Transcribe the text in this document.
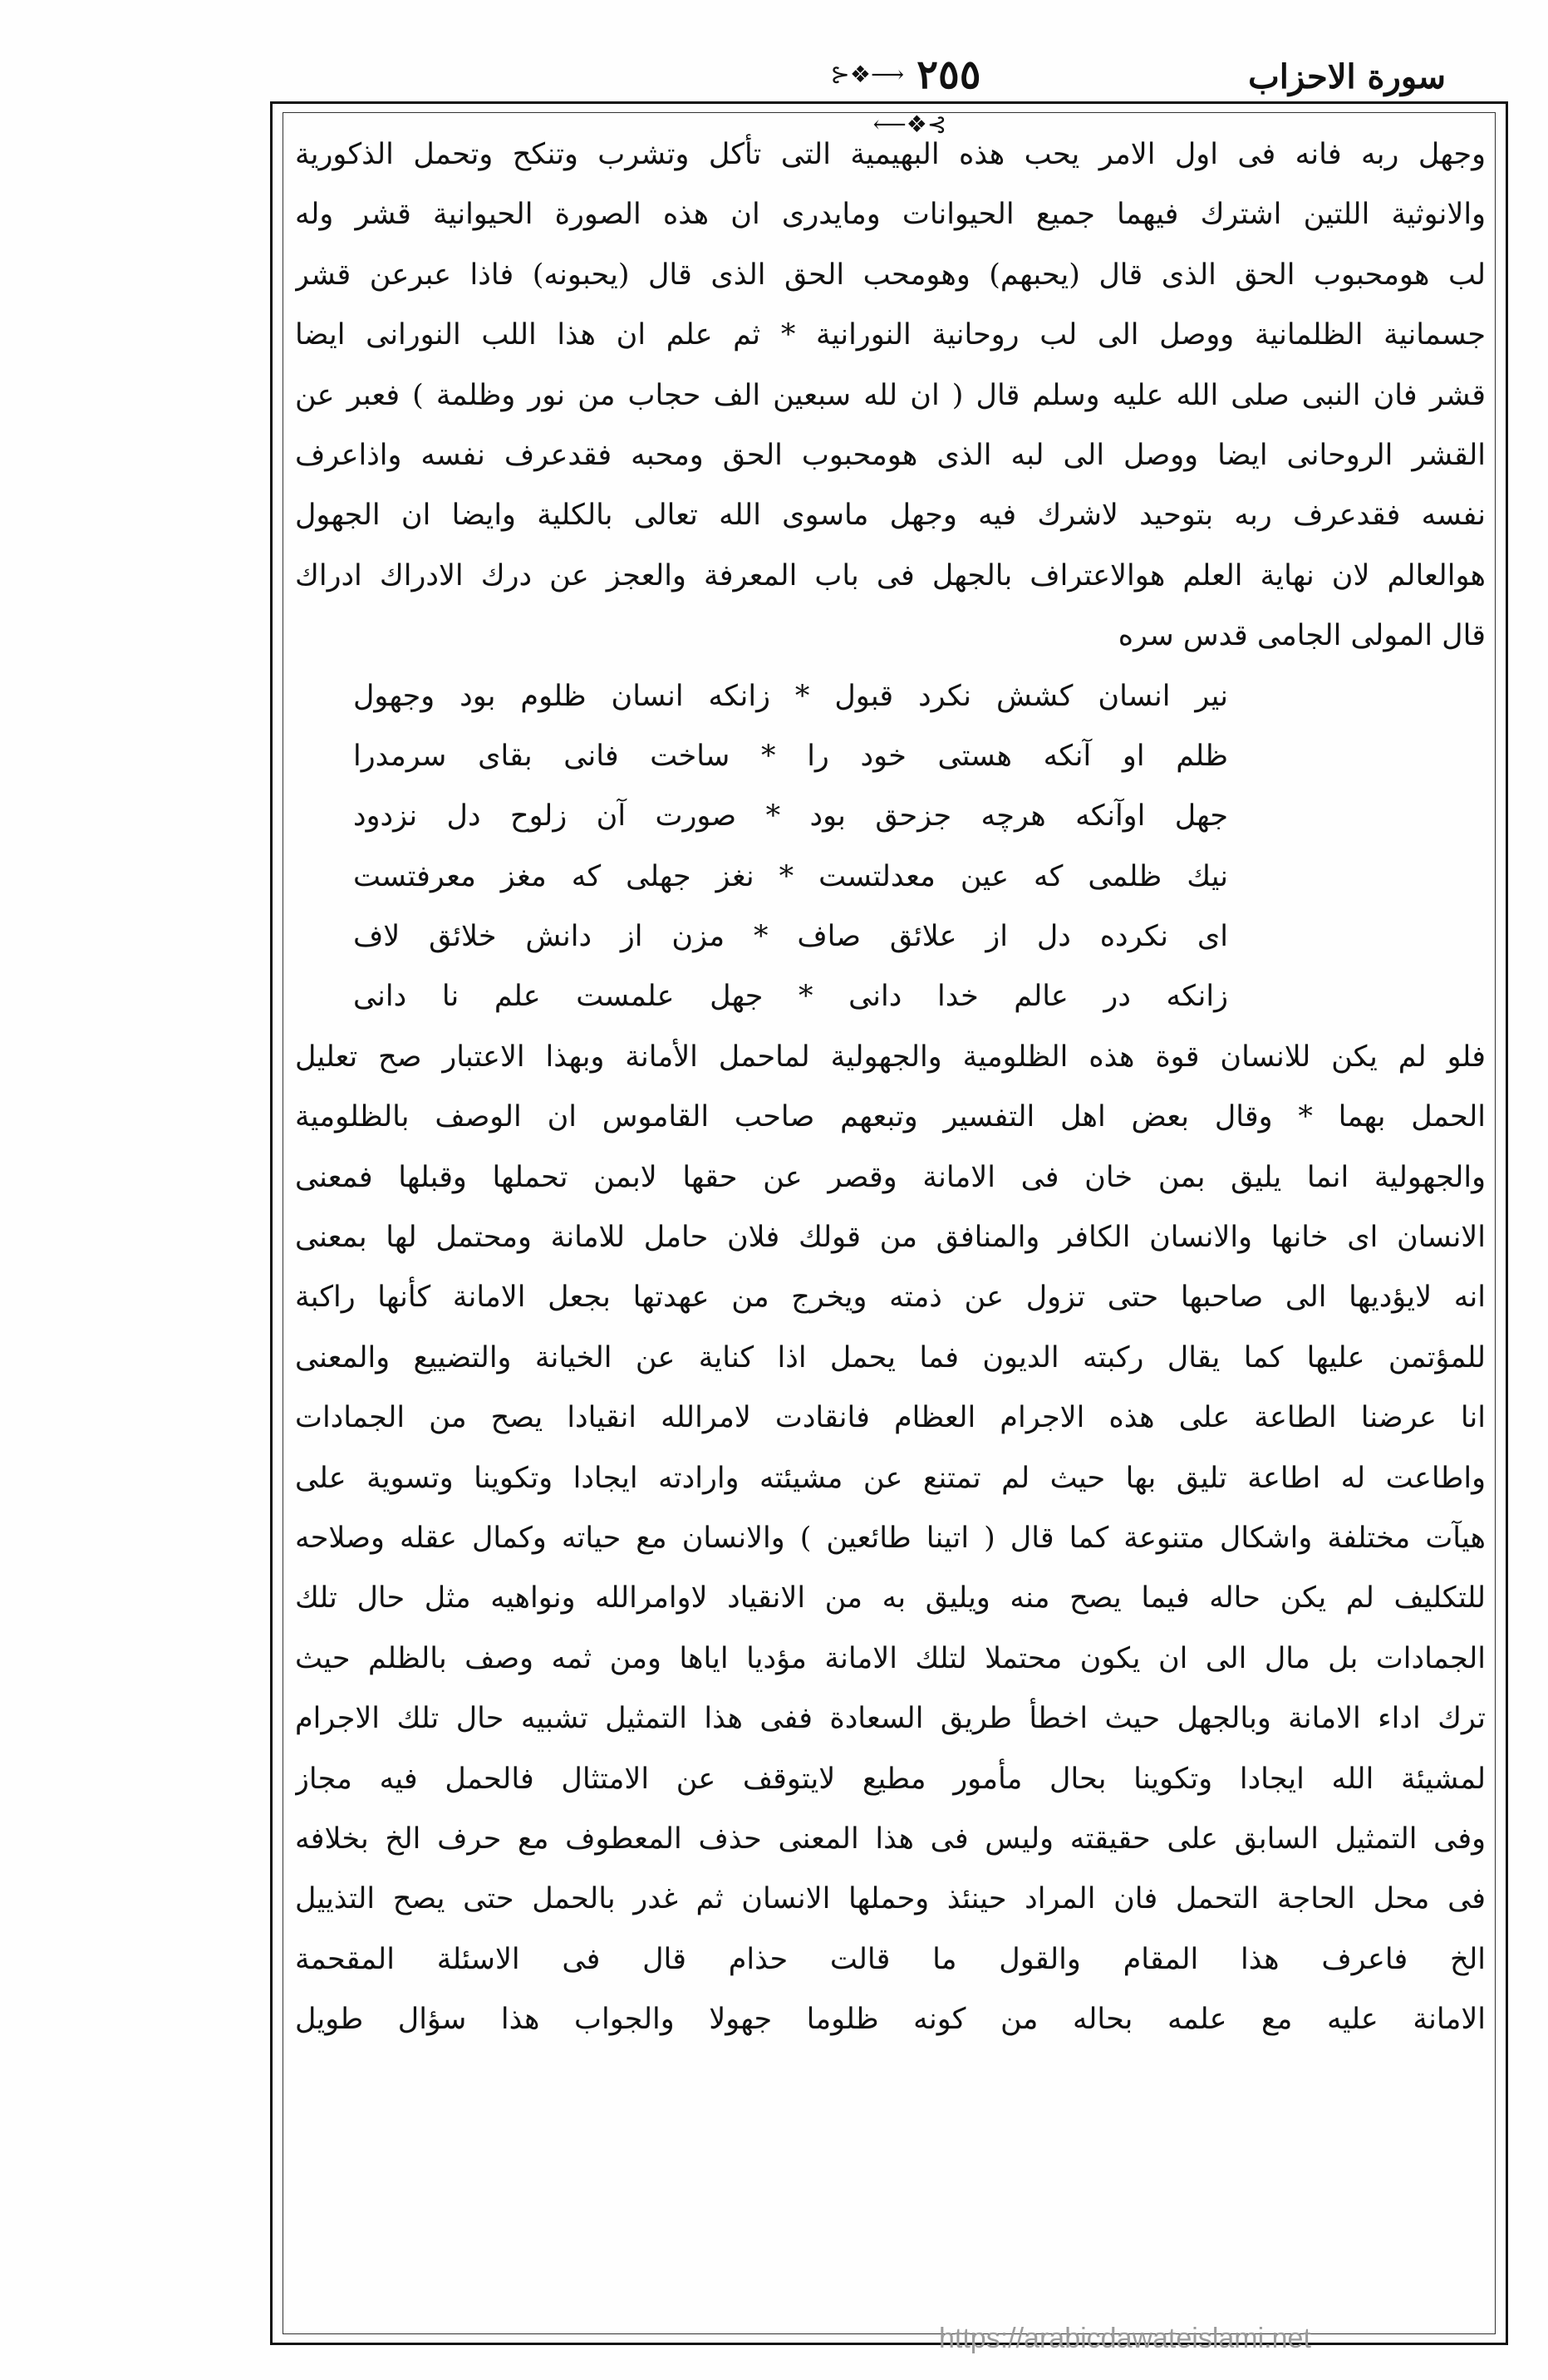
سورة الاحزاب
⊱❖⟶ ٢٥٥ ⟵❖⊰
وجهل ربه فانه فی اول الامر یحب هذه البهیمیة التی تأکل وتشرب وتنکح وتحمل الذکوریة
والانوثیة اللتین اشترك فیهما جمیع الحیوانات ومایدری ان هذه الصورة الحیوانیة قشر وله
لب هومحبوب الحق الذی قال (یحبهم) وهومحب الحق الذی قال (یحبونه) فاذا عبرعن قشر
جسمانیة الظلمانیة ووصل الی لب روحانیة النورانیة * ثم علم ان هذا اللب النورانی ایضا
قشر فان النبی صلی الله علیه وسلم قال ( ان لله سبعین الف حجاب من نور وظلمة ) فعبر عن
القشر الروحانی ایضا ووصل الی لبه الذی هومحبوب الحق ومحبه فقدعرف نفسه واذاعرف
نفسه فقدعرف ربه بتوحید لاشرك فیه وجهل ماسوی الله تعالی بالکلیة وایضا ان الجهول
هوالعالم لان نهایة العلم هوالاعتراف بالجهل فی باب المعرفة والعجز عن درك الادراك ادراك
قال المولی الجامی قدس سره
نیر انسان کشش نکرد قبول * زانکه انسان ظلوم بود وجهول
ظلم او آنکه هستی خود را * ساخت فانی بقای سرمدرا
جهل اوآنکه هرچه جزحق بود * صورت آن زلوح دل نزدود
نیك ظلمی که عین معدلتست * نغز جهلی که مغز معرفتست
ای نکرده دل از علائق صاف * مزن از دانش خلائق لاف
زانکه در عالم خدا دانی * جهل علمست علم نا دانی
فلو لم یکن للانسان قوة هذه الظلومیة والجهولیة لماحمل الأمانة وبهذا الاعتبار صح تعلیل
الحمل بهما * وقال بعض اهل التفسیر وتبعهم صاحب القاموس ان الوصف بالظلومیة
والجهولیة انما یلیق بمن خان فی الامانة وقصر عن حقها لابمن تحملها وقبلها فمعنی
الانسان ای خانها والانسان الکافر والمنافق من قولك فلان حامل للامانة ومحتمل لها بمعنی
انه لایؤدیها الی صاحبها حتی تزول عن ذمته ویخرج من عهدتها بجعل الامانة کأنها راکبة
للمؤتمن علیها کما یقال رکبته الدیون فما یحمل اذا کنایة عن الخیانة والتضییع والمعنی
انا عرضنا الطاعة علی هذه الاجرام العظام فانقادت لامرالله انقیادا یصح من الجمادات
واطاعت له اطاعة تلیق بها حیث لم تمتنع عن مشیئته وارادته ایجادا وتکوینا وتسویة علی
هیآت مختلفة واشکال متنوعة کما قال ( اتینا طائعین ) والانسان مع حیاته وکمال عقله وصلاحه
للتکلیف لم یکن حاله فیما یصح منه ویلیق به من الانقیاد لاوامرالله ونواهیه مثل حال تلك
الجمادات بل مال الی ان یکون محتملا لتلك الامانة مؤدیا ایاها ومن ثمه وصف بالظلم حیث
ترك اداء الامانة وبالجهل حیث اخطأ طریق السعادة ففی هذا التمثیل تشبیه حال تلك الاجرام
لمشیئة الله ایجادا وتکوینا بحال مأمور مطیع لایتوقف عن الامتثال فالحمل فیه مجاز
وفی التمثیل السابق علی حقیقته ولیس فی هذا المعنی حذف المعطوف مع حرف الخ بخلافه
فی محل الحاجة التحمل فان المراد حینئذ وحملها الانسان ثم غدر بالحمل حتی یصح التذییل
الخ فاعرف هذا المقام والقول ما قالت حذام قال فی الاسئلة المقحمة
الامانة علیه مع علمه بحاله من کونه ظلوما جهولا والجواب هذا سؤال طویل
https://arabicdawateislami.net
